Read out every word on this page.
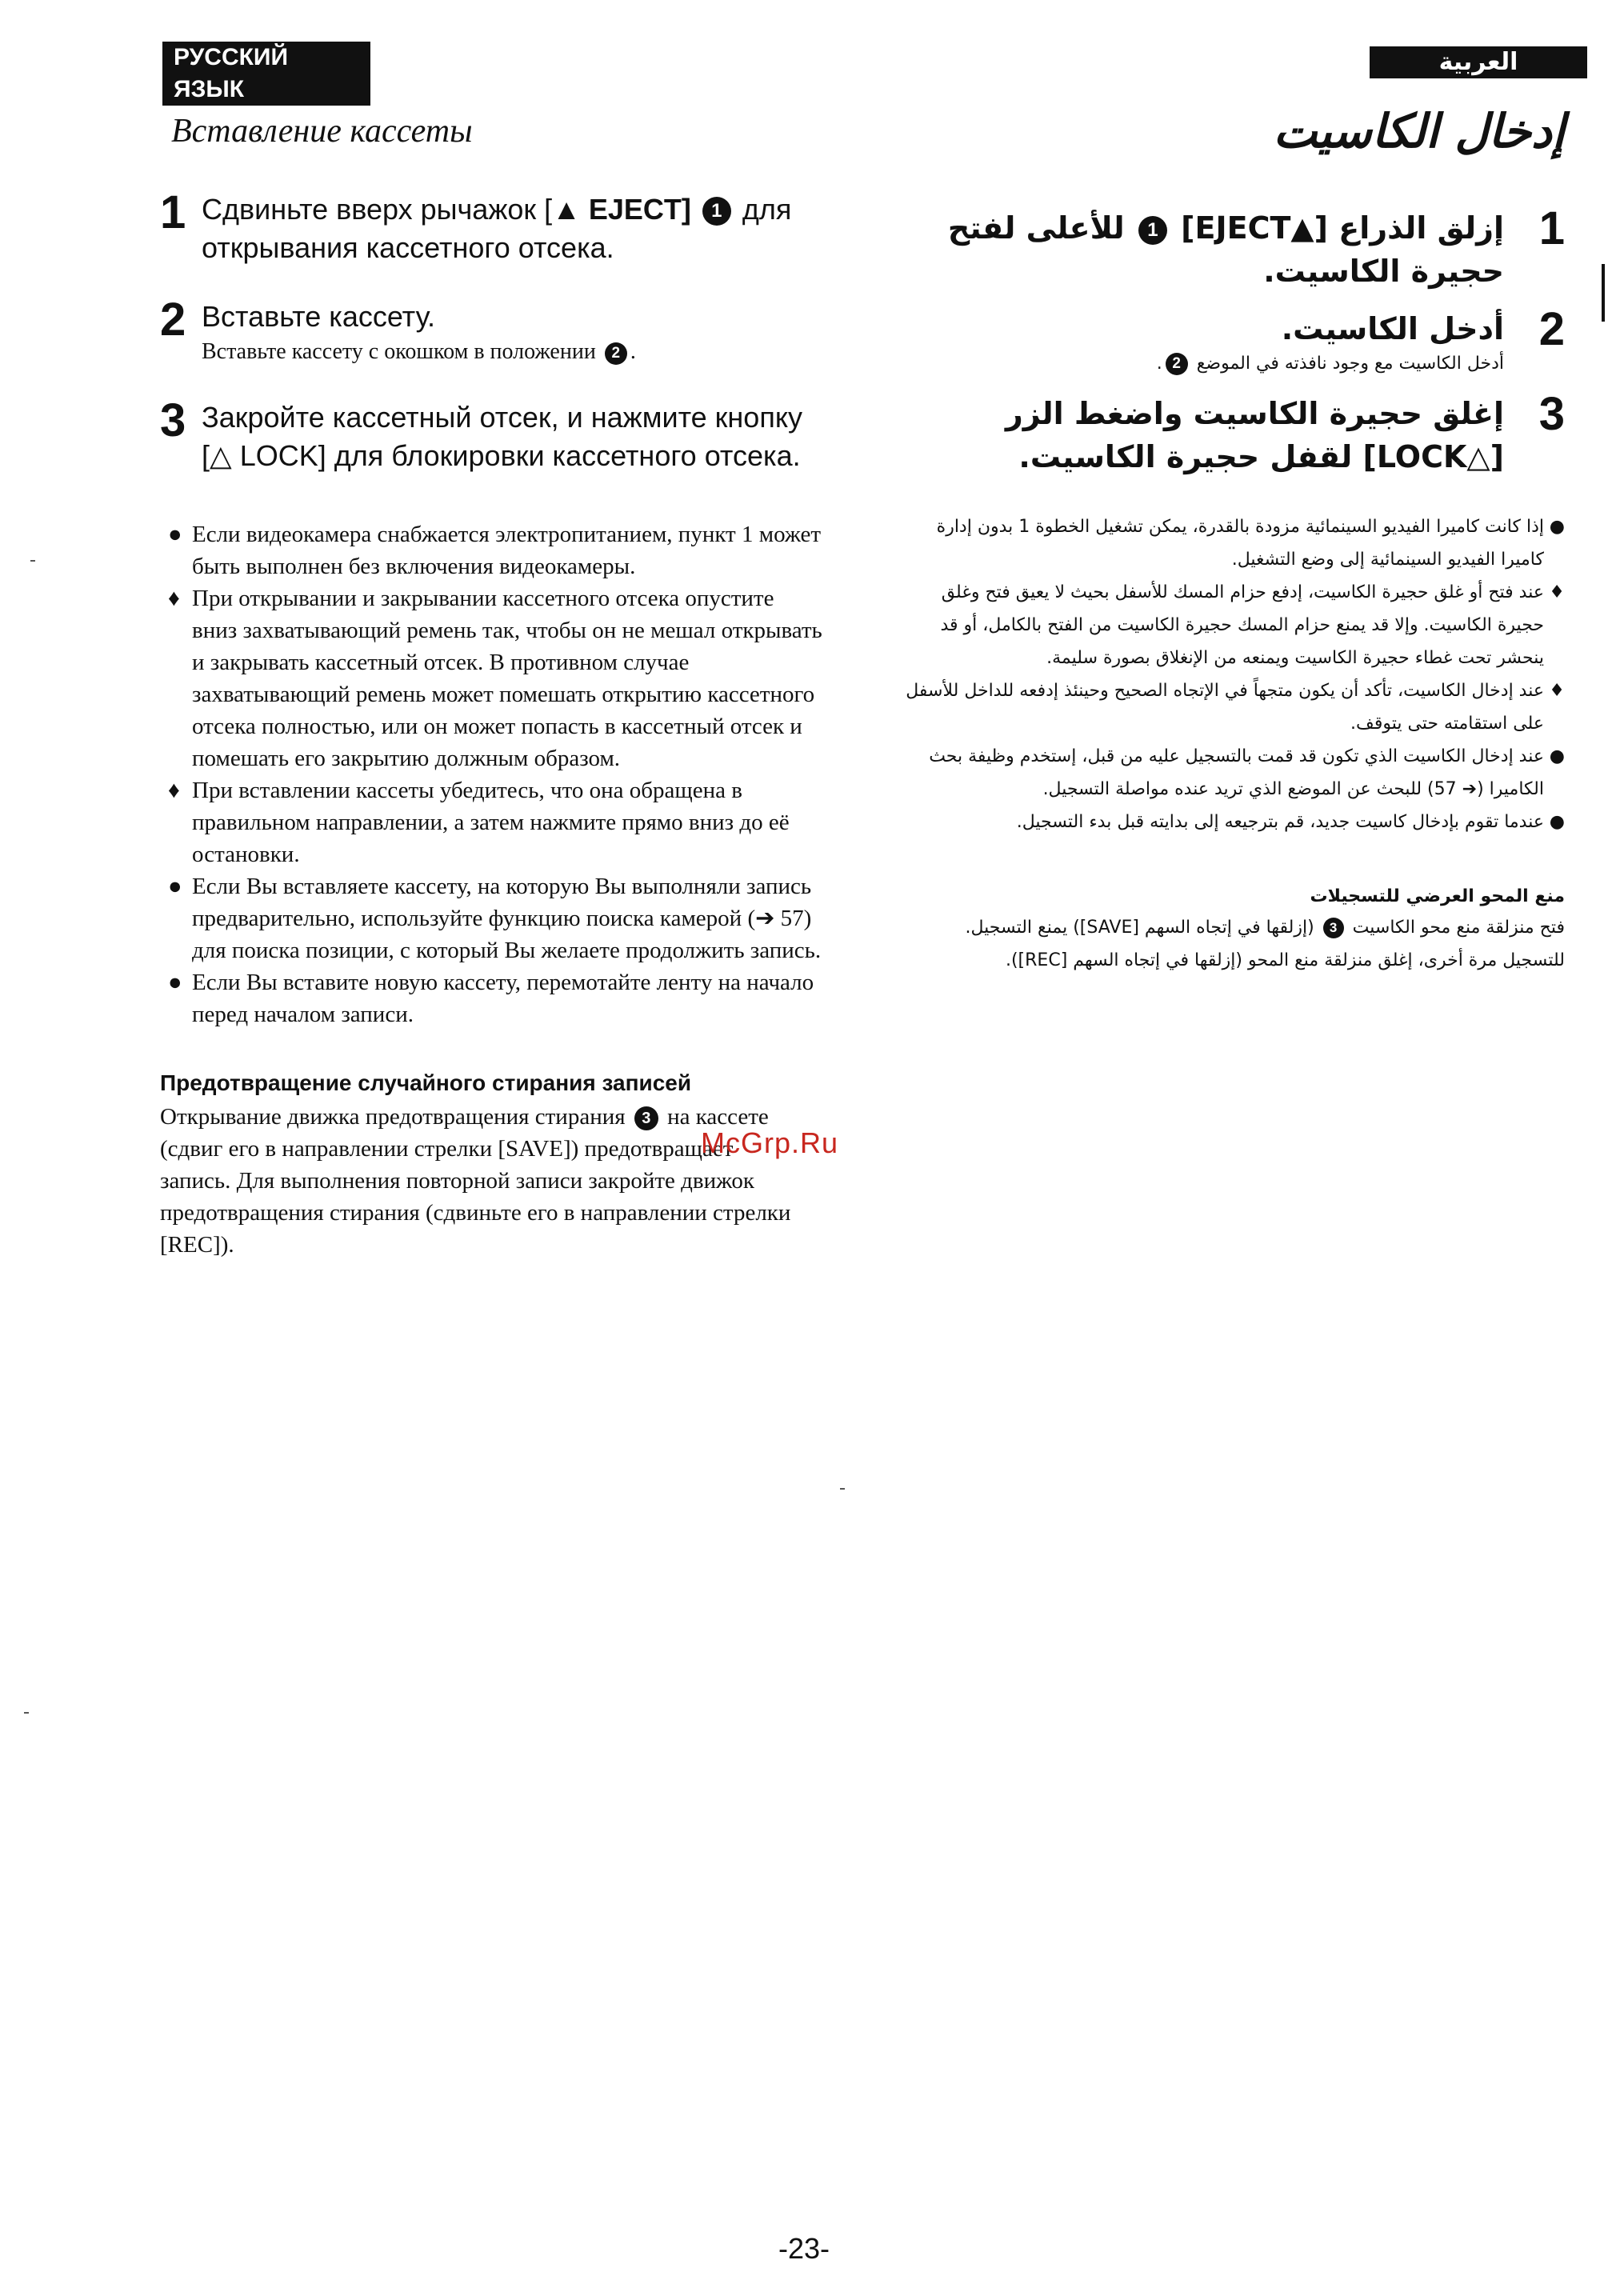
РУССКИЙ ЯЗЫК
العربية
Вставление кассеты
1 Сдвиньте вверх рычажок [▲ EJECT] 1 для открывания кассетного отсека.
2 Вставьте кассету.
Вставьте кассету с окошком в положении 2 .
3 Закройте кассетный отсек, и нажмите кнопку [△ LOCK] для блокировки кассетного отсека.
● Если видеокамера снабжается электропитанием, пункт 1 может быть выполнен без включения видеокамеры.
♦ При открывании и закрывании кассетного отсека опустите вниз захватывающий ремень так, чтобы он не мешал открывать и закрывать кассетный отсек. В противном случае захватывающий ремень может помешать открытию кассетного отсека полностью, или он может попасть в кассетный отсек и помешать его закрытию должным образом.
♦ При вставлении кассеты убедитесь, что она обращена в правильном направлении, а затем нажмите прямо вниз до её остановки.
● Если Вы вставляете кассету, на которую Вы выполняли запись предварительно, используйте функцию поиска камерой (➔ 57) для поиска позиции, с который Вы желаете продолжить запись.
● Если Вы вставите новую кассету, перемотайте ленту на начало перед началом записи.
Предотвращение случайного стирания записей
Открывание движка предотвращения стирания 3 на кассете (сдвиг его в направлении стрелки [SAVE]) предотвращает запись. Для выполнения повторной записи закройте движок предотвращения стирания (сдвиньте его в направлении стрелки [REC]).
إدخال الكاسيت
1
إزلق الذراع [▲EJECT] 1 للأعلى لفتح حجيرة الكاسيت.
2
أدخل الكاسيت.
أدخل الكاسيت مع وجود نافذته في الموضع 2.
3
إغلق حجيرة الكاسيت واضغط الزر [△LOCK] لقفل حجيرة الكاسيت.
●
إذا كانت كاميرا الفيديو السينمائية مزودة بالقدرة، يمكن تشغيل الخطوة 1 بدون إدارة كاميرا الفيديو السينمائية إلى وضع التشغيل.
♦
عند فتح أو غلق حجيرة الكاسيت، إدفع حزام المسك للأسفل بحيث لا يعيق فتح وغلق حجيرة الكاسيت. وإلا قد يمنع حزام المسك حجيرة الكاسيت من الفتح بالكامل، أو قد ينحشر تحت غطاء حجيرة الكاسيت ويمنعه من الإنغلاق بصورة سليمة.
♦
عند إدخال الكاسيت، تأكد أن يكون متجهاً في الإتجاه الصحيح وحينئذ إدفعه للداخل للأسفل على استقامته حتى يتوقف.
●
عند إدخال الكاسيت الذي تكون قد قمت بالتسجيل عليه من قبل، إستخدم وظيفة بحث الكاميرا (➔ 57) للبحث عن الموضع الذي تريد عنده مواصلة التسجيل.
●
عندما تقوم بإدخال كاسيت جديد، قم بترجيعه إلى بدايته قبل بدء التسجيل.
منع المحو العرضي للتسجيلات
فتح منزلقة منع محو الكاسيت 3 (إزلقها في إتجاه السهم [SAVE]) يمنع التسجيل. للتسجيل مرة أخرى، إغلق منزلقة منع المحو (إزلقها في إتجاه السهم [REC]).
McGrp.Ru
-23-
